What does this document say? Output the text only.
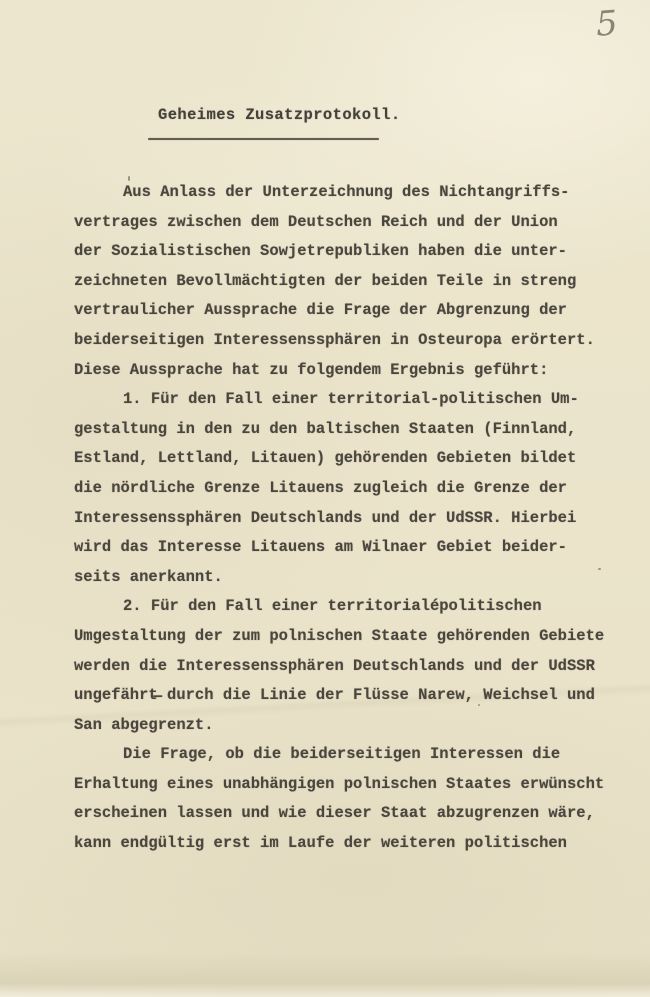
5
Geheimes Zusatzprotokoll.
Aus Anlass der Unterzeichnung des Nichtangriffs-
vertrages zwischen dem Deutschen Reich und der Union
der Sozialistischen Sowjetrepubliken haben die unter-
zeichneten Bevollmächtigten der beiden Teile in streng
vertraulicher Aussprache die Frage der Abgrenzung der
beiderseitigen Interessenssphären in Osteuropa erörtert.
Diese Aussprache hat zu folgendem Ergebnis geführt:
1. Für den Fall einer territorial-politischen Um-
gestaltung in den zu den baltischen Staaten (Finnland,
Estland, Lettland, Litauen) gehörenden Gebieten bildet
die nördliche Grenze Litauens zugleich die Grenze der
Interessenssphären Deutschlands und der UdSSR. Hierbei
wird das Interesse Litauens am Wilnaer Gebiet beider-
seits anerkannt.
2. Für den Fall einer territorialépolitischen
Umgestaltung der zum polnischen Staate gehörenden Gebiete
werden die Interessenssphären Deutschlands und der UdSSR
ungefährt̶ durch die Linie der Flüsse Narew, Weichsel und
San abgegrenzt.
Die Frage, ob die beiderseitigen Interessen die
Erhaltung eines unabhängigen polnischen Staates erwünscht
erscheinen lassen und wie dieser Staat abzugrenzen wäre,
kann endgültig erst im Laufe der weiteren politischen
